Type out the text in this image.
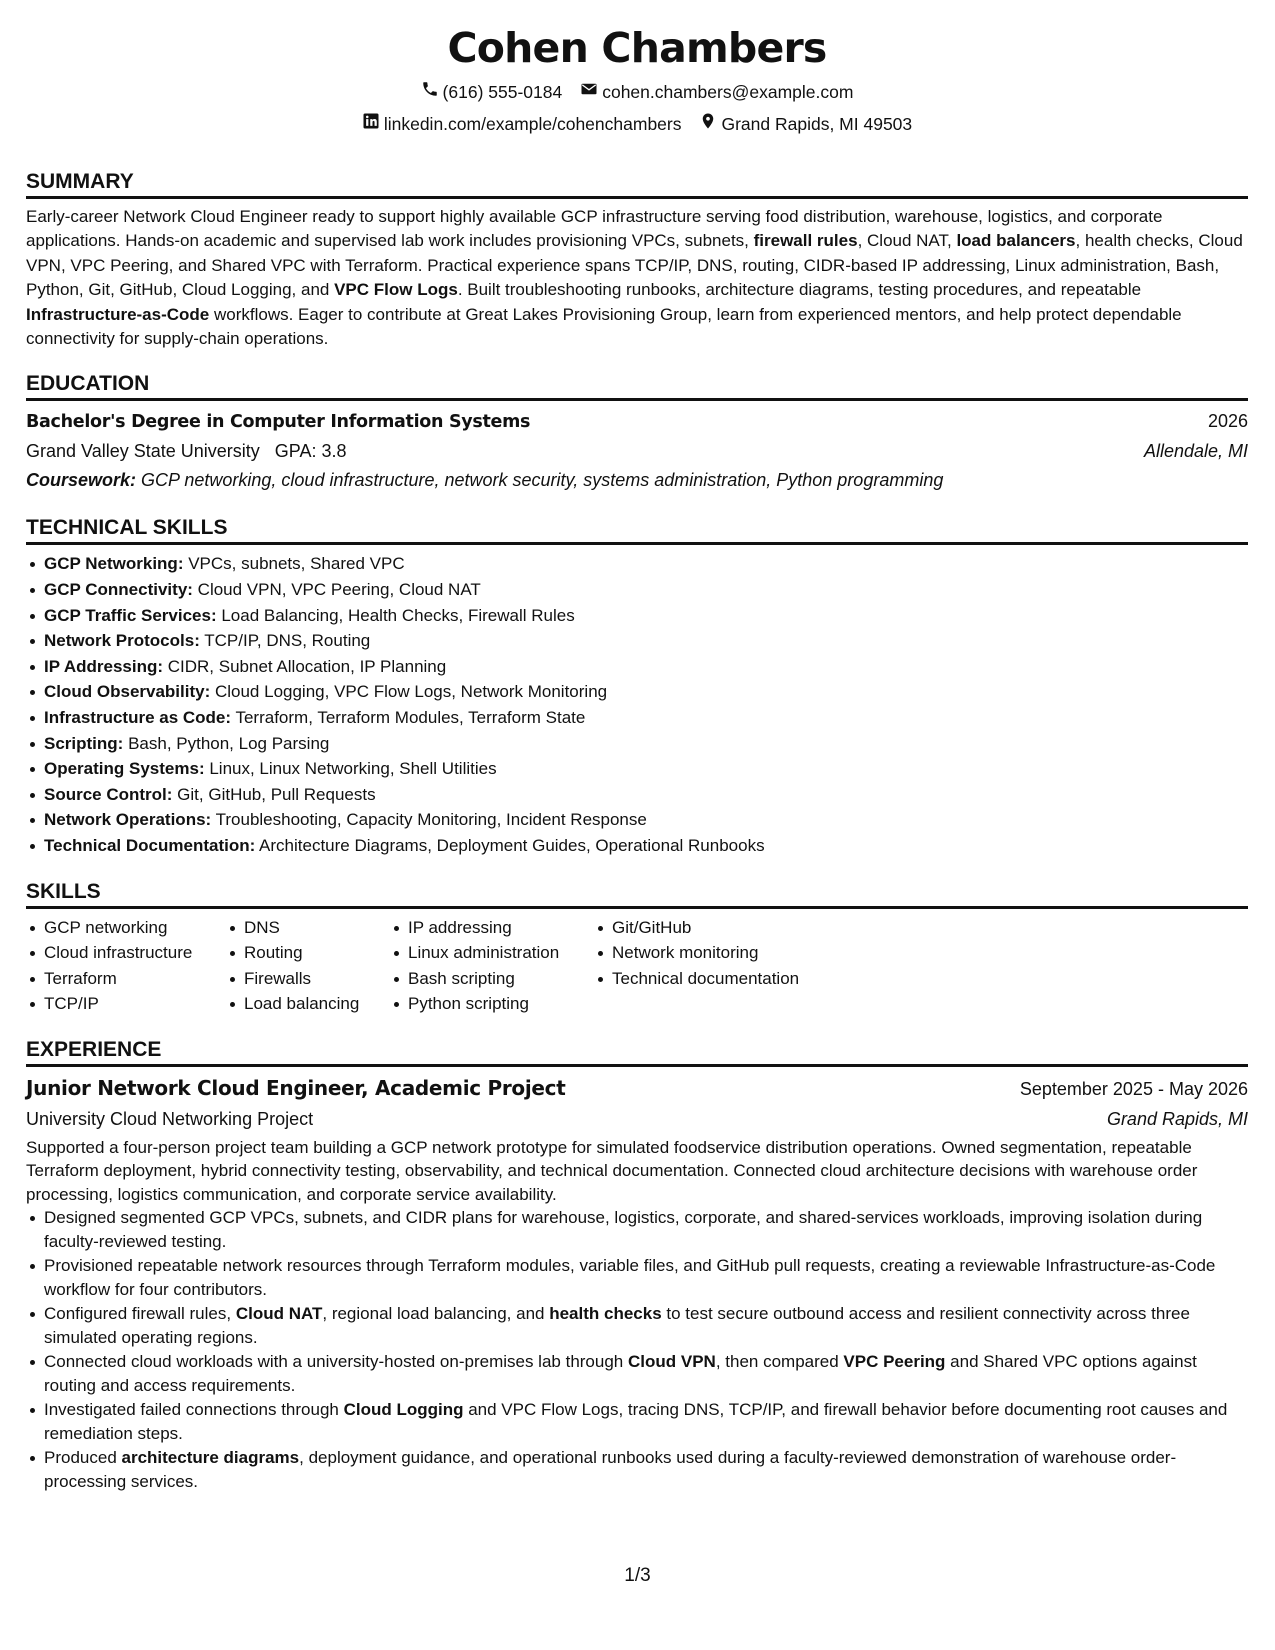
Cohen Chambers
(616) 555-0184 cohen.chambers@example.com
linkedin.com/example/cohenchambers Grand Rapids, MI 49503
SUMMARY

Early-career Network Cloud Engineer ready to support highly available GCP infrastructure serving food distribution, warehouse, logistics, and corporate applications. Hands-on academic and supervised lab work includes provisioning VPCs, subnets, firewall rules, Cloud NAT, load balancers, health checks, Cloud VPN, VPC Peering, and Shared VPC with Terraform. Practical experience spans TCP/IP, DNS, routing, CIDR-based IP addressing, Linux administration, Bash, Python, Git, GitHub, Cloud Logging, and VPC Flow Logs. Built troubleshooting runbooks, architecture diagrams, testing procedures, and repeatable Infrastructure-as-Code workflows. Eager to contribute at Great Lakes Provisioning Group, learn from experienced mentors, and help protect dependable connectivity for supply-chain operations.

EDUCATION
Bachelor's Degree in Computer Information Systems	2026
Grand Valley State University GPA: 3.8	Allendale, MI
Coursework: GCP networking, cloud infrastructure, network security, systems administration, Python programming
TECHNICAL SKILLS
GCP Networking: VPCs, subnets, Shared VPC
GCP Connectivity: Cloud VPN, VPC Peering, Cloud NAT
GCP Traffic Services: Load Balancing, Health Checks, Firewall Rules
Network Protocols: TCP/IP, DNS, Routing
IP Addressing: CIDR, Subnet Allocation, IP Planning
Cloud Observability: Cloud Logging, VPC Flow Logs, Network Monitoring
Infrastructure as Code: Terraform, Terraform Modules, Terraform State
Scripting: Bash, Python, Log Parsing
Operating Systems: Linux, Linux Networking, Shell Utilities
Source Control: Git, GitHub, Pull Requests
Network Operations: Troubleshooting, Capacity Monitoring, Incident Response
Technical Documentation: Architecture Diagrams, Deployment Guides, Operational Runbooks
SKILLS
GCP networking
Cloud infrastructure
Terraform
TCP/IP
DNS
Routing
Firewalls
Load balancing
IP addressing
Linux administration
Bash scripting
Python scripting
Git/GitHub
Network monitoring
Technical documentation
EXPERIENCE
Junior Network Cloud Engineer, Academic Project	September 2025 - May 2026
University Cloud Networking Project	Grand Rapids, MI

Supported a four-person project team building a GCP network prototype for simulated foodservice distribution operations. Owned segmentation, repeatable Terraform deployment, hybrid connectivity testing, observability, and technical documentation. Connected cloud architecture decisions with warehouse order processing, logistics communication, and corporate service availability.

Designed segmented GCP VPCs, subnets, and CIDR plans for warehouse, logistics, corporate, and shared-services workloads, improving isolation during faculty-reviewed testing.
Provisioned repeatable network resources through Terraform modules, variable files, and GitHub pull requests, creating a reviewable Infrastructure-as-Code workflow for four contributors.
Configured firewall rules, Cloud NAT, regional load balancing, and health checks to test secure outbound access and resilient connectivity across three simulated operating regions.
Connected cloud workloads with a university-hosted on-premises lab through Cloud VPN, then compared VPC Peering and Shared VPC options against routing and access requirements.
Investigated failed connections through Cloud Logging and VPC Flow Logs, tracing DNS, TCP/IP, and firewall behavior before documenting root causes and remediation steps.
Produced architecture diagrams, deployment guidance, and operational runbooks used during a faculty-reviewed demonstration of warehouse order-processing services.
1/3
